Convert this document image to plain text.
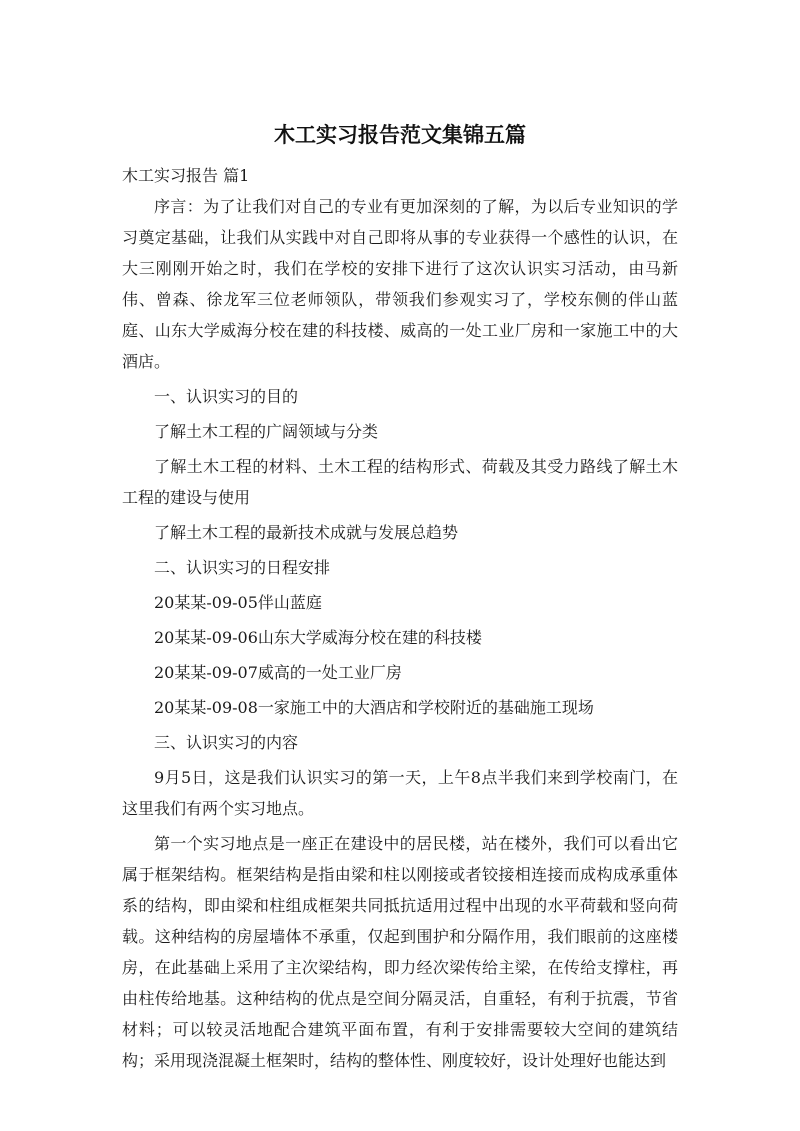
木工实习报告范文集锦五篇

木工实习报告 篇1

序言：为了让我们对自己的专业有更加深刻的了解，为以后专业知识的学习奠定基础，让我们从实践中对自己即将从事的专业获得一个感性的认识，在大三刚刚开始之时，我们在学校的安排下进行了这次认识实习活动，由马新伟、曾森、徐龙军三位老师领队，带领我们参观实习了，学校东侧的伴山蓝庭、山东大学威海分校在建的科技楼、威高的一处工业厂房和一家施工中的大酒店。

一、认识实习的目的

了解土木工程的广阔领域与分类

了解土木工程的材料、土木工程的结构形式、荷载及其受力路线了解土木工程的建设与使用

了解土木工程的最新技术成就与发展总趋势

二、认识实习的日程安排

20某某-09-05伴山蓝庭

20某某-09-06山东大学威海分校在建的科技楼

20某某-09-07威高的一处工业厂房

20某某-09-08一家施工中的大酒店和学校附近的基础施工现场

三、认识实习的内容

9月5日，这是我们认识实习的第一天，上午8点半我们来到学校南门，在这里我们有两个实习地点。

第一个实习地点是一座正在建设中的居民楼，站在楼外，我们可以看出它属于框架结构。框架结构是指由梁和柱以刚接或者铰接相连接而成构成承重体系的结构，即由梁和柱组成框架共同抵抗适用过程中出现的水平荷载和竖向荷载。这种结构的房屋墙体不承重，仅起到围护和分隔作用，我们眼前的这座楼房，在此基础上采用了主次梁结构，即力经次梁传给主梁，在传给支撑柱，再由柱传给地基。这种结构的优点是空间分隔灵活，自重轻，有利于抗震，节省材料；可以较灵活地配合建筑平面布置，有利于安排需要较大空间的建筑结构；采用现浇混凝土框架时，结构的整体性、刚度较好，设计处理好也能达到
